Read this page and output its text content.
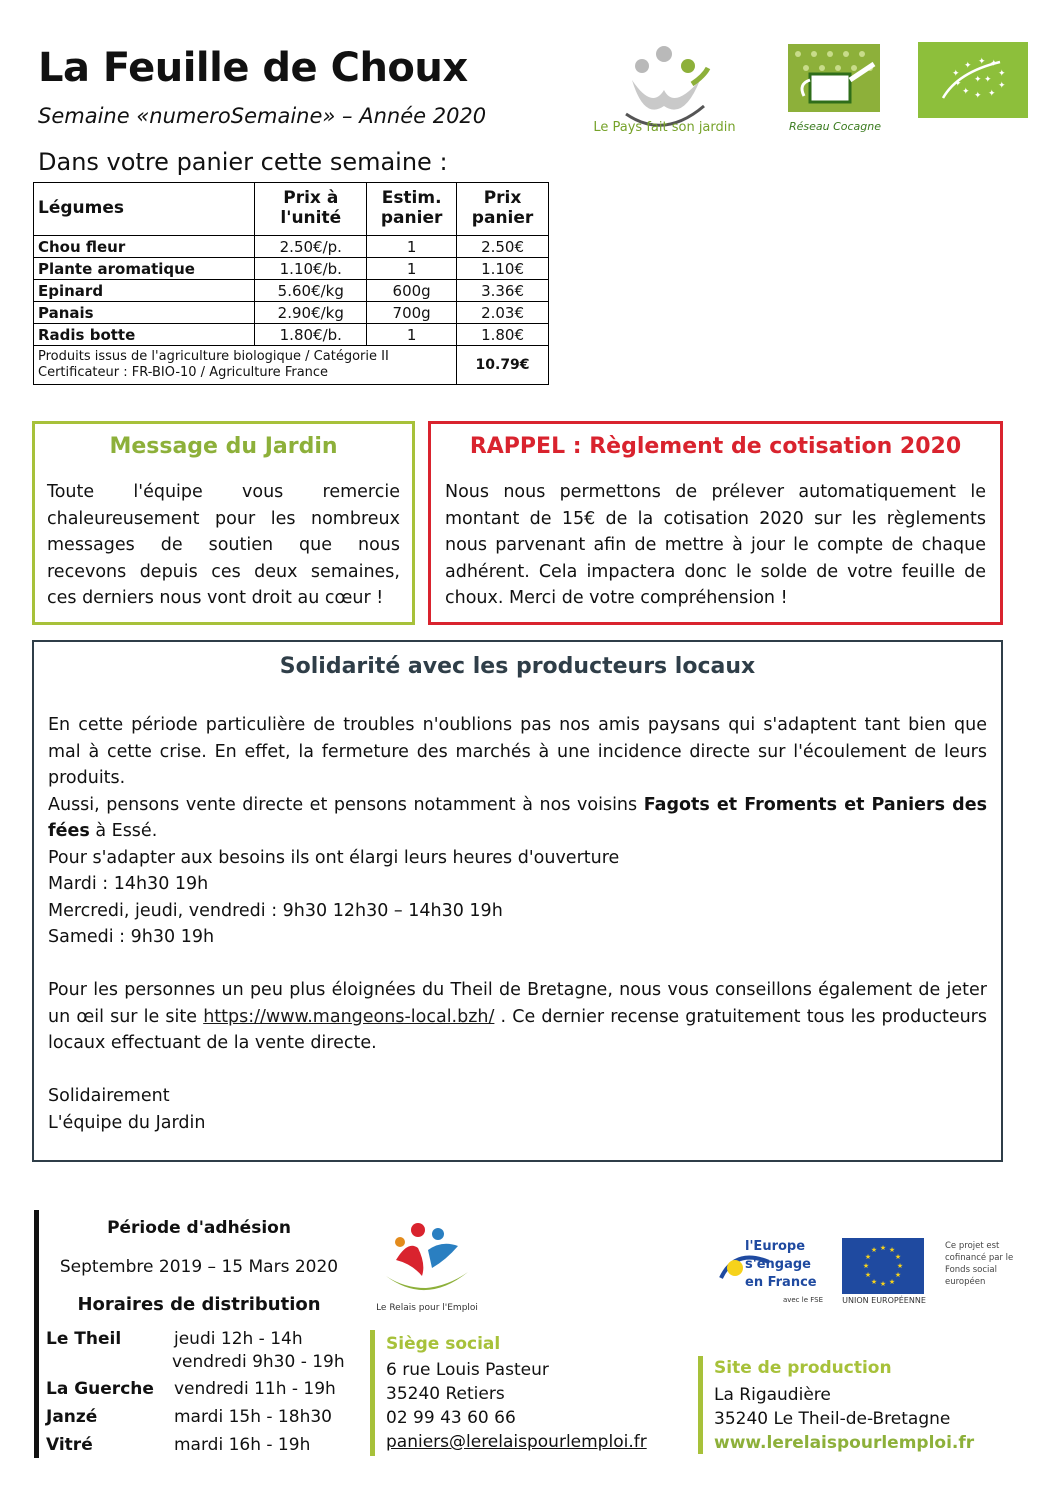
La Feuille de Choux
Semaine «numeroSemaine» – Année 2020
Dans votre panier cette semaine :
Le Pays fait son jardin	Réseau Cocagne
✦
✦ ✦ ✦
✦
✦
✦
✦
✦
✦ ✦ ✦
Légumes	Prix à l'unité	Estim. panier	Prix panier
Chou fleur	2.50€/p.	1	2.50€
Plante aromatique	1.10€/b.	1	1.10€
Epinard	5.60€/kg	600g	3.36€
Panais	2.90€/kg	700g	2.03€
Radis botte	1.80€/b.	1	1.80€

Produits issus de l'agriculture biologique / Catégorie II
Certificateur : FR-BIO-10 / Agriculture France			10.79€
Message du Jardin
Toute l'équipe vous remercie chaleureusement pour les nombreux messages de soutien que nous recevons depuis ces deux semaines, ces derniers nous vont droit au cœur !
RAPPEL : Règlement de cotisation 2020
Nous nous permettons de prélever automatiquement le montant de 15€ de la cotisation 2020 sur les règlements nous parvenant afin de mettre à jour le compte de chaque adhérent. Cela impactera donc le solde de votre feuille de choux. Merci de votre compréhension !
Solidarité avec les producteurs locaux

En cette période particulière de troubles n'oublions pas nos amis paysans qui s'adaptent tant bien que mal à cette crise. En effet, la fermeture des marchés à une incidence directe sur l'écoulement de leurs produits.

Aussi, pensons vente directe et pensons notamment à nos voisins Fagots et Froments et Paniers des fées à Essé.

Pour s'adapter aux besoins ils ont élargi leurs heures d'ouverture

Mardi : 14h30 19h

Mercredi, jeudi, vendredi : 9h30 12h30 – 14h30 19h

Samedi : 9h30 19h

Pour les personnes un peu plus éloignées du Theil de Bretagne, nous vous conseillons également de jeter un œil sur le site https://www.mangeons-local.bzh/ . Ce dernier recense gratuitement tous les producteurs locaux effectuant de la vente directe.

Solidairement

L'équipe du Jardin

Période d'adhésion
Septembre 2019 – 15 Mars 2020
Horaires de distribution
Le Theil	jeudi 12h - 14h
vendredi 9h30 - 19h
La Guerche vendredi 11h - 19h
Janzé	mardi 15h - 18h30
Vitré	mardi 16h - 19h
Le Relais pour l'Emploi
Siège social
6 rue Louis Pasteur
35240 Retiers
02 99 43 60 66
paniers@lerelaispourlemploi.fr
Site de production
La Rigaudière
35240 Le Theil-de-Bretagne
www.lerelaispourlemploi.fr
l'Europe s'engage en France
avec le FSE
★ ★
★
★
★
★
★
★
★
★
★
★
UNION EUROPÉENNE
Ce projet est cofinancé par le Fonds social européen
